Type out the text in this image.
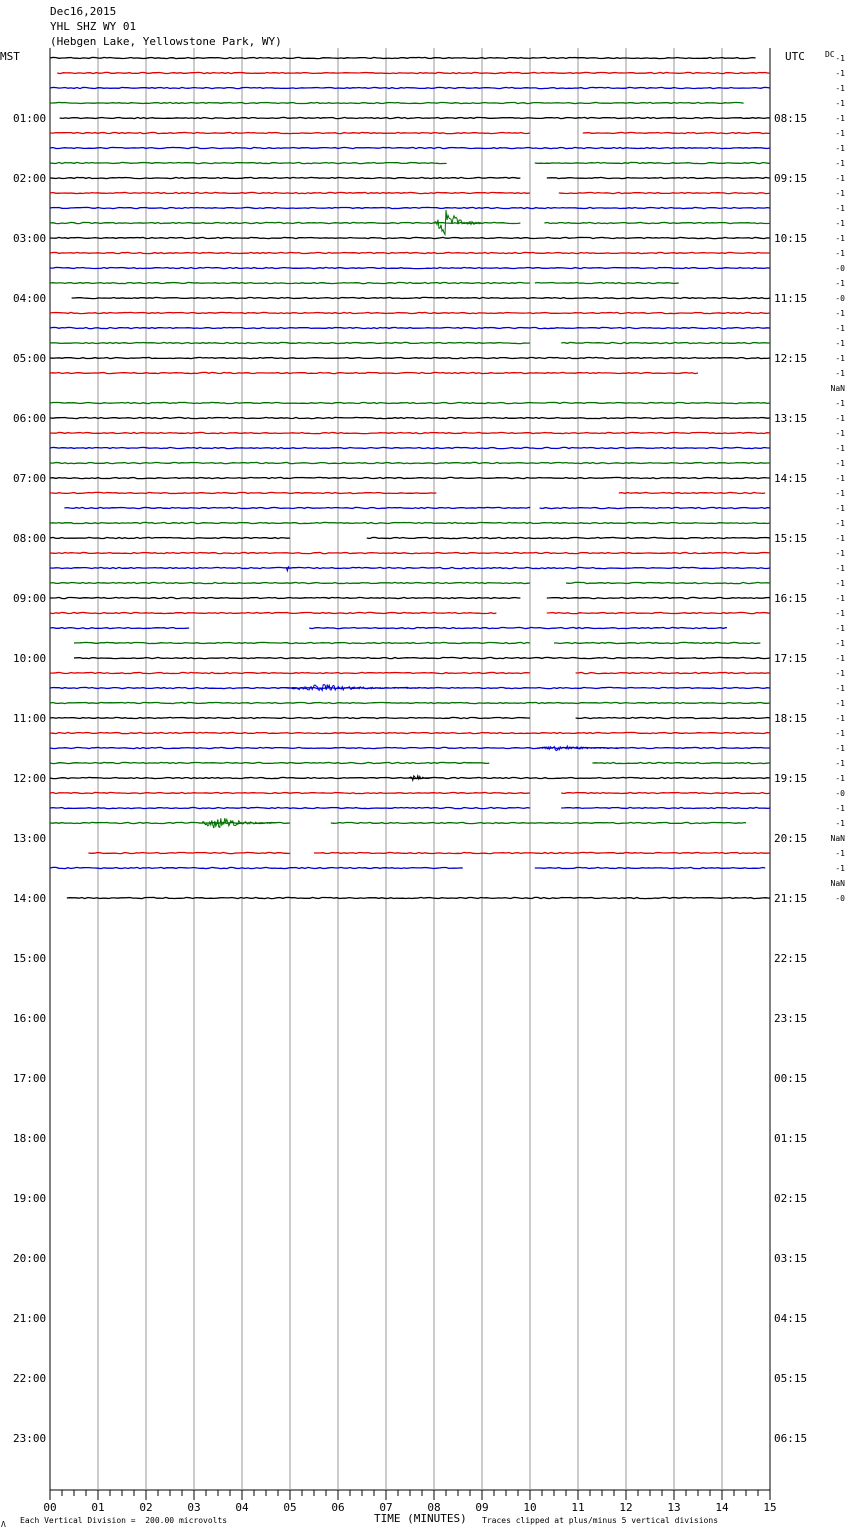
Dec16,2015
YHL SHZ WY 01
(Hebgen Lake, Yellowstone Park, WY)
MST	UTC	DC
00	01	02	03	04	05	06	07	08	09	10	11	12	13	14	15
01:00
02:00
03:00
04:00
05:00
06:00
07:00
08:00
09:00
10:00
11:00
12:00
13:00
14:00
15:00
16:00
17:00
18:00
19:00
20:00
21:00
22:00
23:00
08:15
09:15
10:15
11:15
12:15
13:15
14:15
15:15
16:15
17:15
18:15
19:15
20:15
21:15
22:15
23:15
00:15
01:15
02:15
03:15
04:15
05:15
06:15
-1
-1
-1
-1
-1
-1
-1
-1
-1
-1
-1
-1
-1
-1
-0
-1
-0
-1
-1
-1
-1
-1
NaN
-1
-1
-1
-1
-1
-1
-1
-1
-1
-1
-1
-1
-1
-1
-1
-1
-1
-1
-1
-1
-1
-1
-1
-1
-1
-1
-0
-1
-1
NaN
-1
-1
NaN
-0
TIME (MINUTES)
Each Vertical Division =  200.00 microvolts	Traces clipped at plus/minus 5 vertical divisions
Λ
